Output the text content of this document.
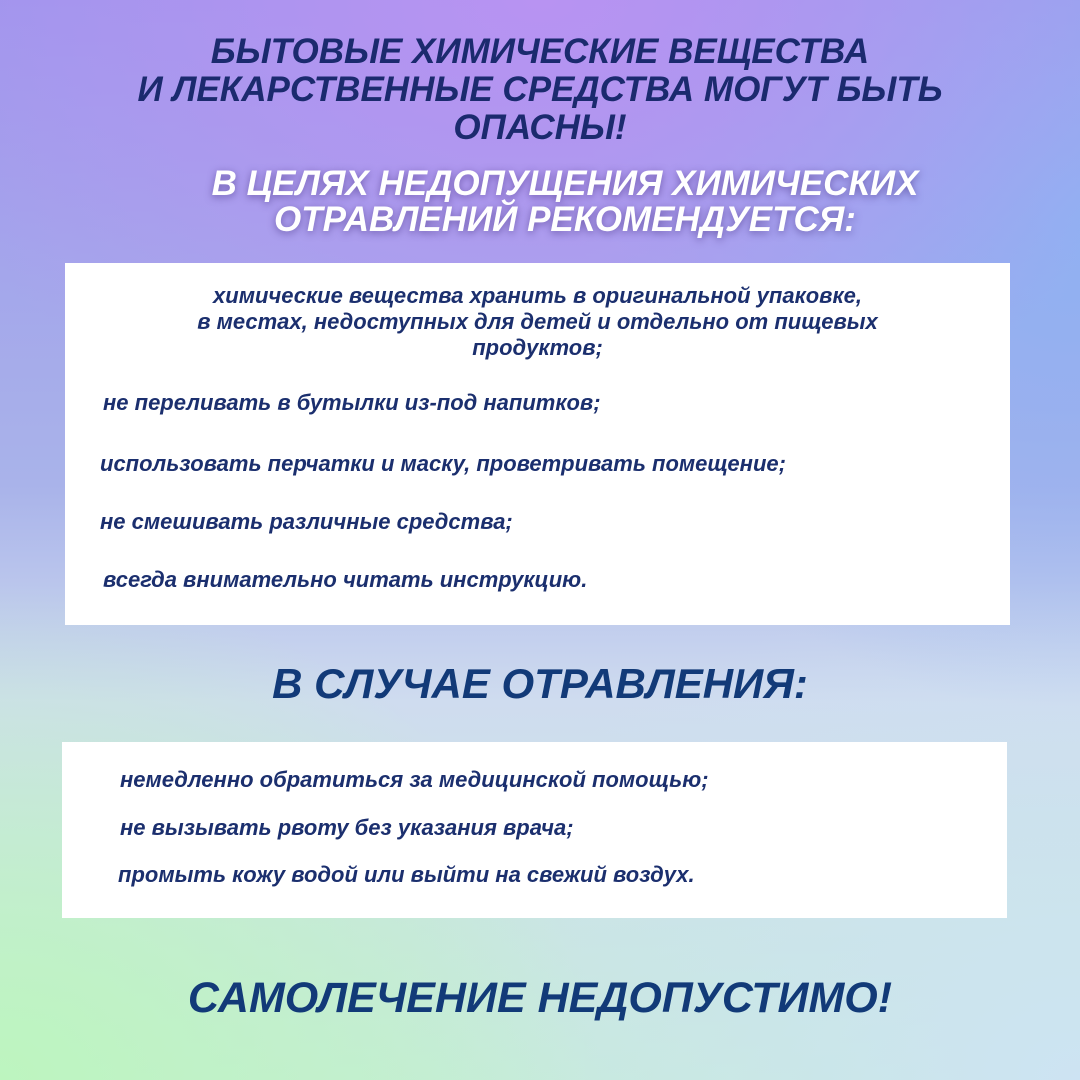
БЫТОВЫЕ ХИМИЧЕСКИЕ ВЕЩЕСТВА
И ЛЕКАРСТВЕННЫЕ СРЕДСТВА МОГУТ БЫТЬ
ОПАСНЫ!
В ЦЕЛЯХ НЕДОПУЩЕНИЯ ХИМИЧЕСКИХ
ОТРАВЛЕНИЙ РЕКОМЕНДУЕТСЯ:
химические вещества хранить в оригинальной упаковке,
в местах, недоступных для детей и отдельно от пищевых
продуктов;
не переливать в бутылки из-под напитков;
использовать перчатки и маску, проветривать помещение;
не смешивать различные средства;
всегда внимательно читать инструкцию.
В СЛУЧАЕ ОТРАВЛЕНИЯ:
немедленно обратиться за медицинской помощью;
не вызывать рвоту без указания врача;
промыть кожу водой или выйти на свежий воздух.
САМОЛЕЧЕНИЕ НЕДОПУСТИМО!
